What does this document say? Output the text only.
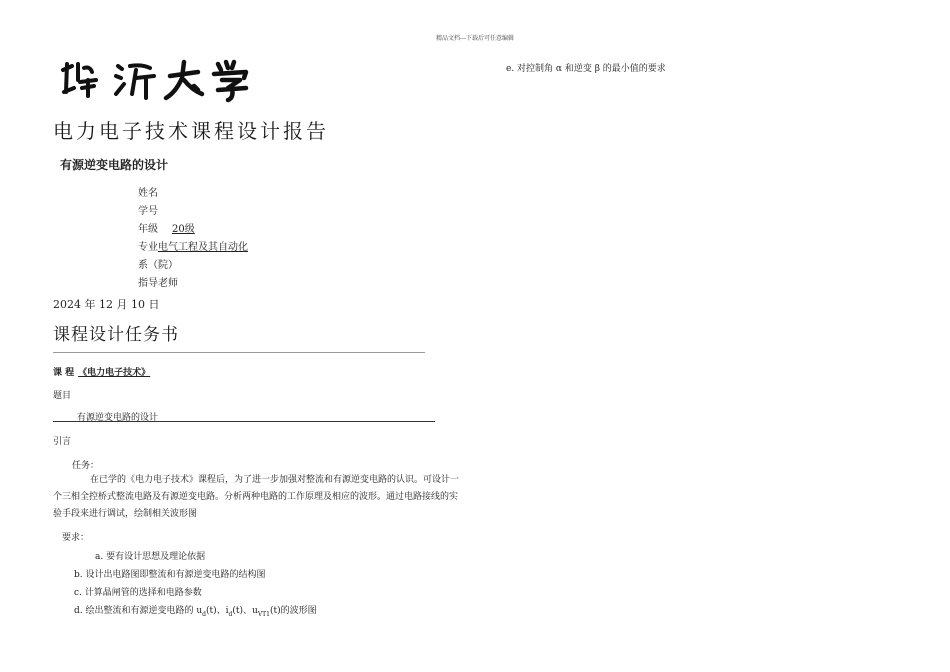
精品文档---下载后可任意编辑
电力电子技术课程设计报告
有源逆变电路的设计
姓名
学号
年级 20级
专业电气工程及其自动化
系（院）
指导老师
2024 年 12 月 10 日
课程设计任务书
课 程 《电力电子技术》
题目
有源逆变电路的设计
引言
任务：
在已学的《电力电子技术》课程后，为了进一步加强对整流和有源逆变电路的认识。可设计一个三相全控桥式整流电路及有源逆变电路。分析两种电路的工作原理及相应的波形。通过电路接线的实验手段来进行调试，绘制相关波形图
要求：
a. 要有设计思想及理论依据
b. 设计出电路图即整流和有源逆变电路的结构图
c. 计算晶闸管的选择和电路参数
d. 绘出整流和有源逆变电路的 $u_d(t)$、$i_d(t)$、$u_{VT1}(t)$的波形图
e. 对控制角 α 和逆变 β 的最小值的要求
